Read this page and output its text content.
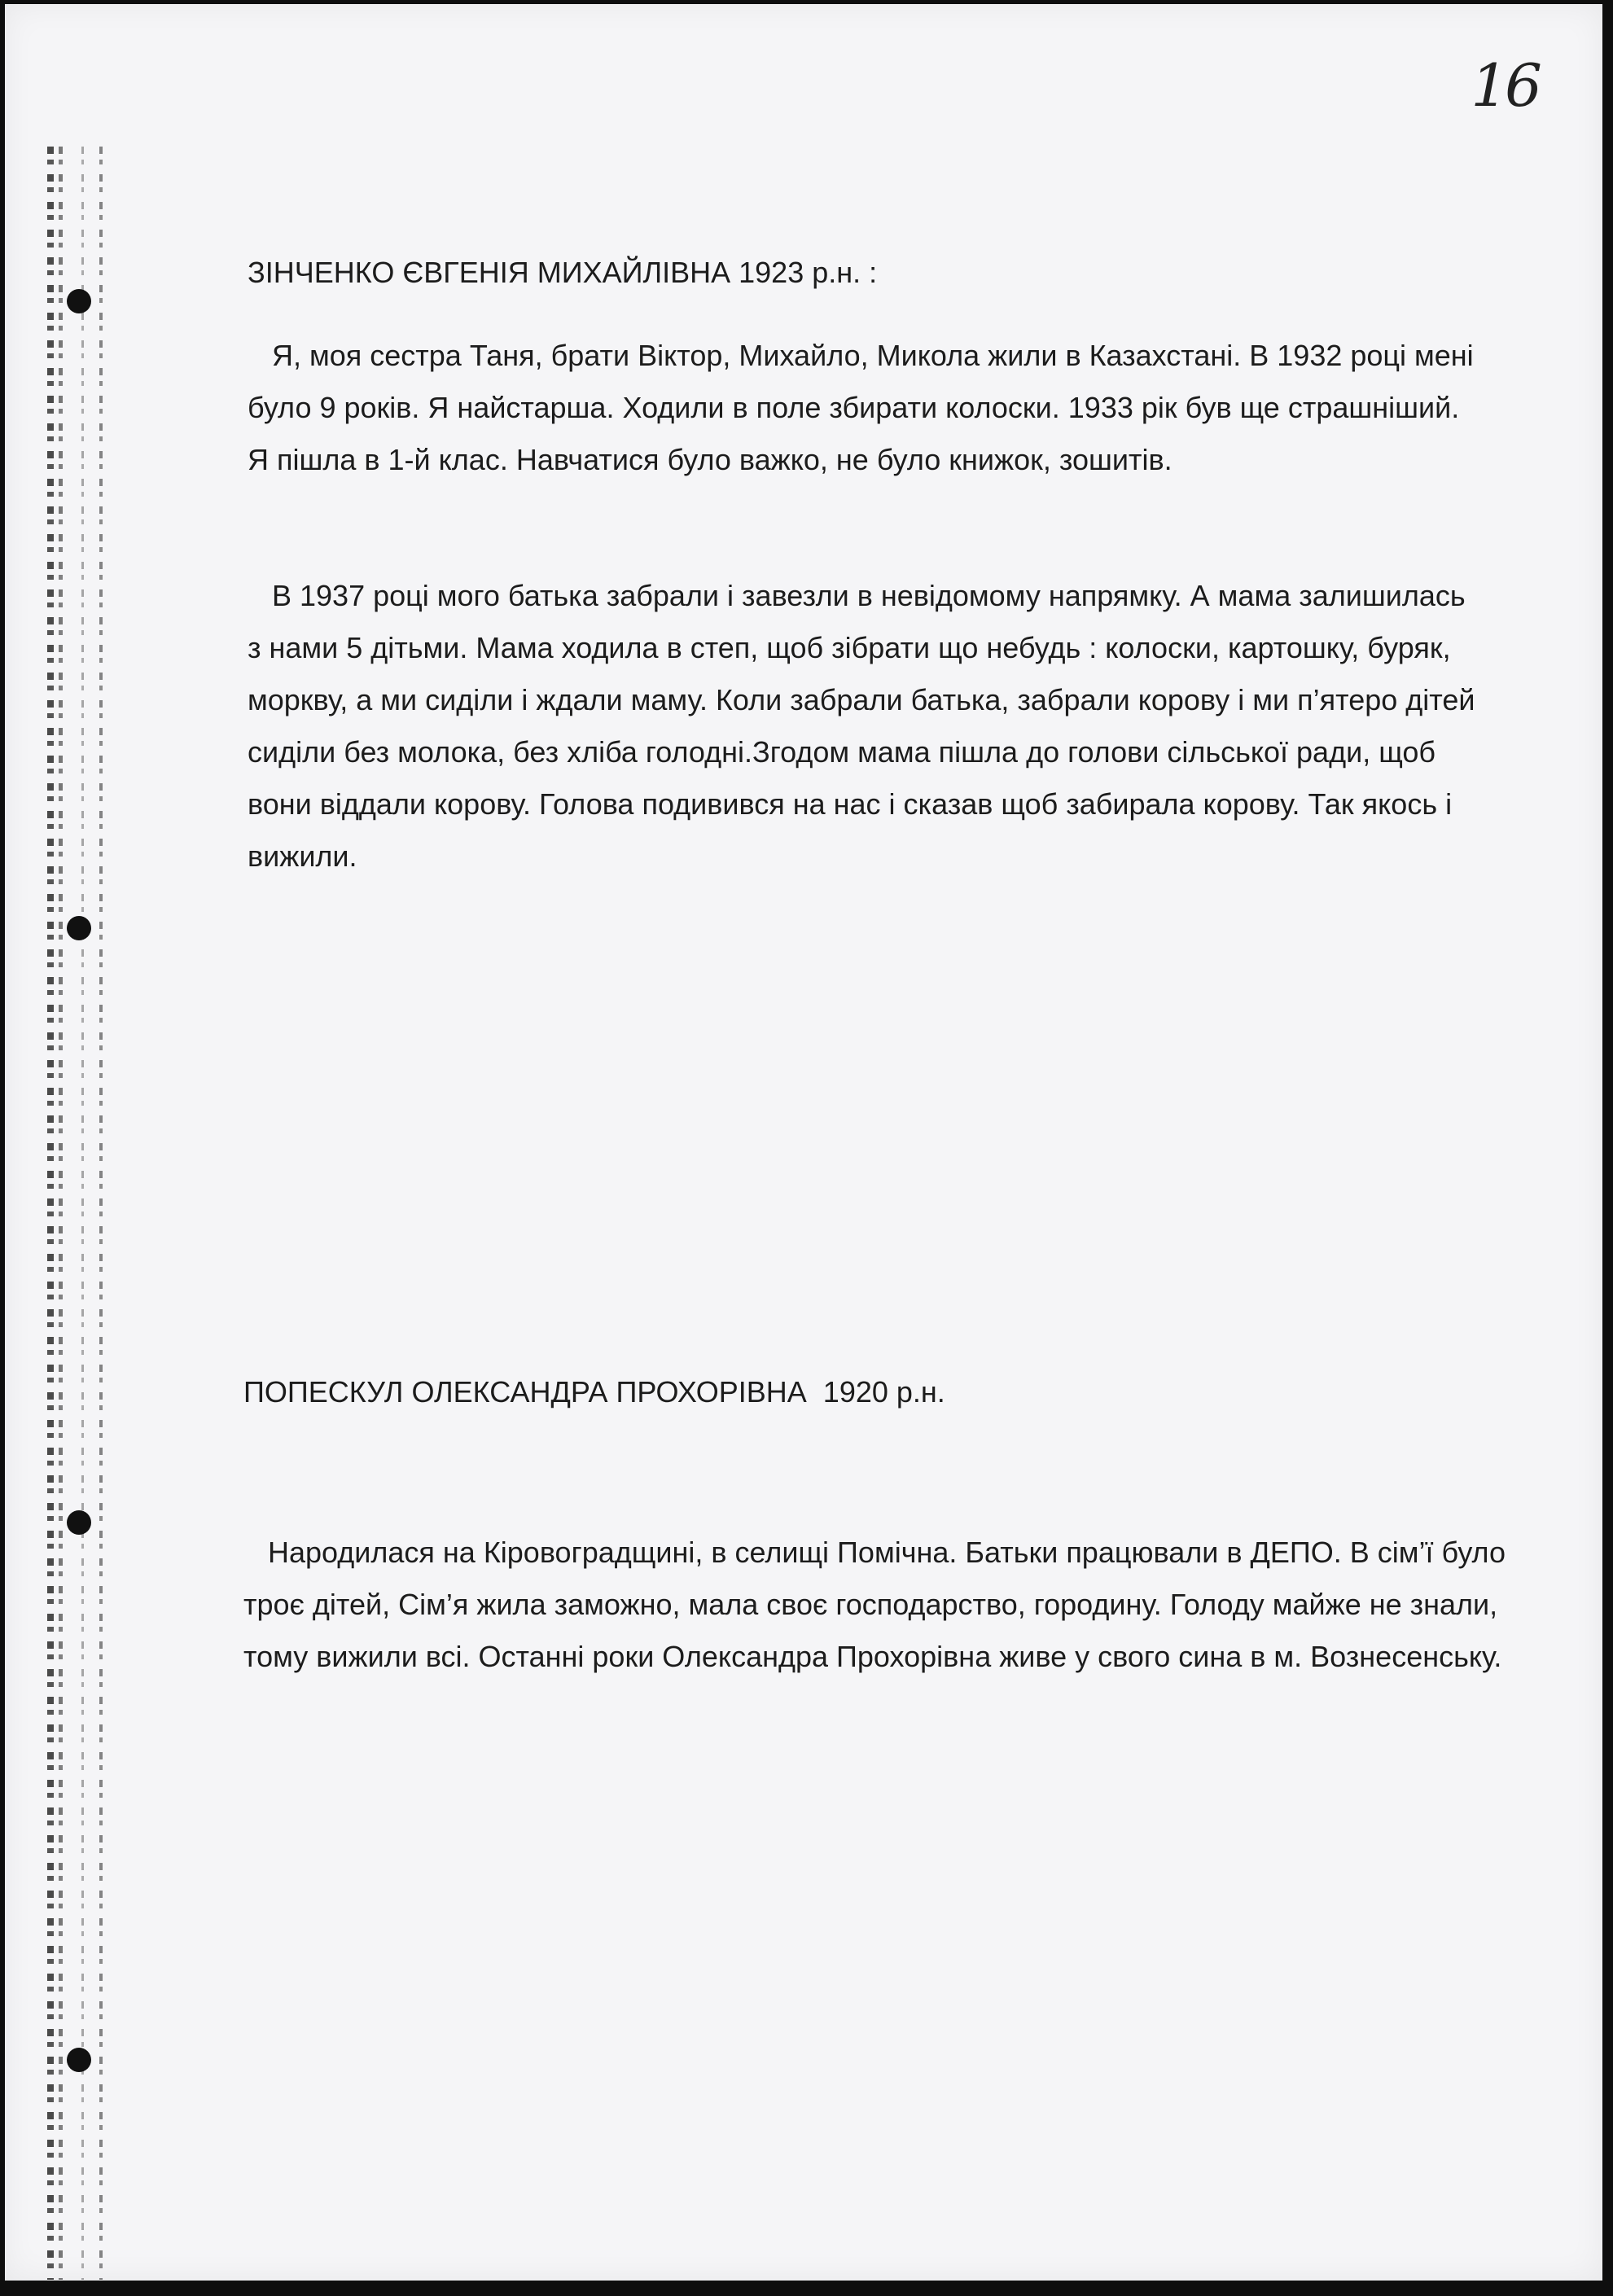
16
ЗІНЧЕНКО ЄВГЕНІЯ МИХАЙЛІВНА 1923 р.н. :

Я, моя сестра Таня, брати Віктор, Михайло, Микола жили в Казахстані. В 1932 році мені було 9 років. Я найстарша. Ходили в поле збирати колоски. 1933 рік був ще страшніший. Я пішла в 1-й клас. Навчатися було важко, не було книжок, зошитів.

В 1937 році мого батька забрали і завезли в невідомому напрямку. А мама залишилась з нами 5 дітьми. Мама ходила в степ, щоб зібрати що небудь : колоски, картошку, буряк, моркву, а ми сиділи і ждали маму. Коли забрали батька, забрали корову і ми п’ятеро дітей сиділи без молока, без хліба голодні.Згодом мама пішла до голови сільської ради, щоб вони віддали корову. Голова подивився на нас і сказав щоб забирала корову. Так якось і вижили.

ПОПЕСКУЛ ОЛЕКСАНДРА ПРОХОРІВНА  1920 р.н.

Народилася на Кіровоградщині, в селищі Помічна. Батьки працювали в ДЕПО. В сім’ї було троє дітей, Сім’я жила заможно, мала своє господарство, городину. Голоду майже не знали, тому вижили всі. Останні роки Олександра Прохорівна живе у свого сина в м. Вознесенську.
